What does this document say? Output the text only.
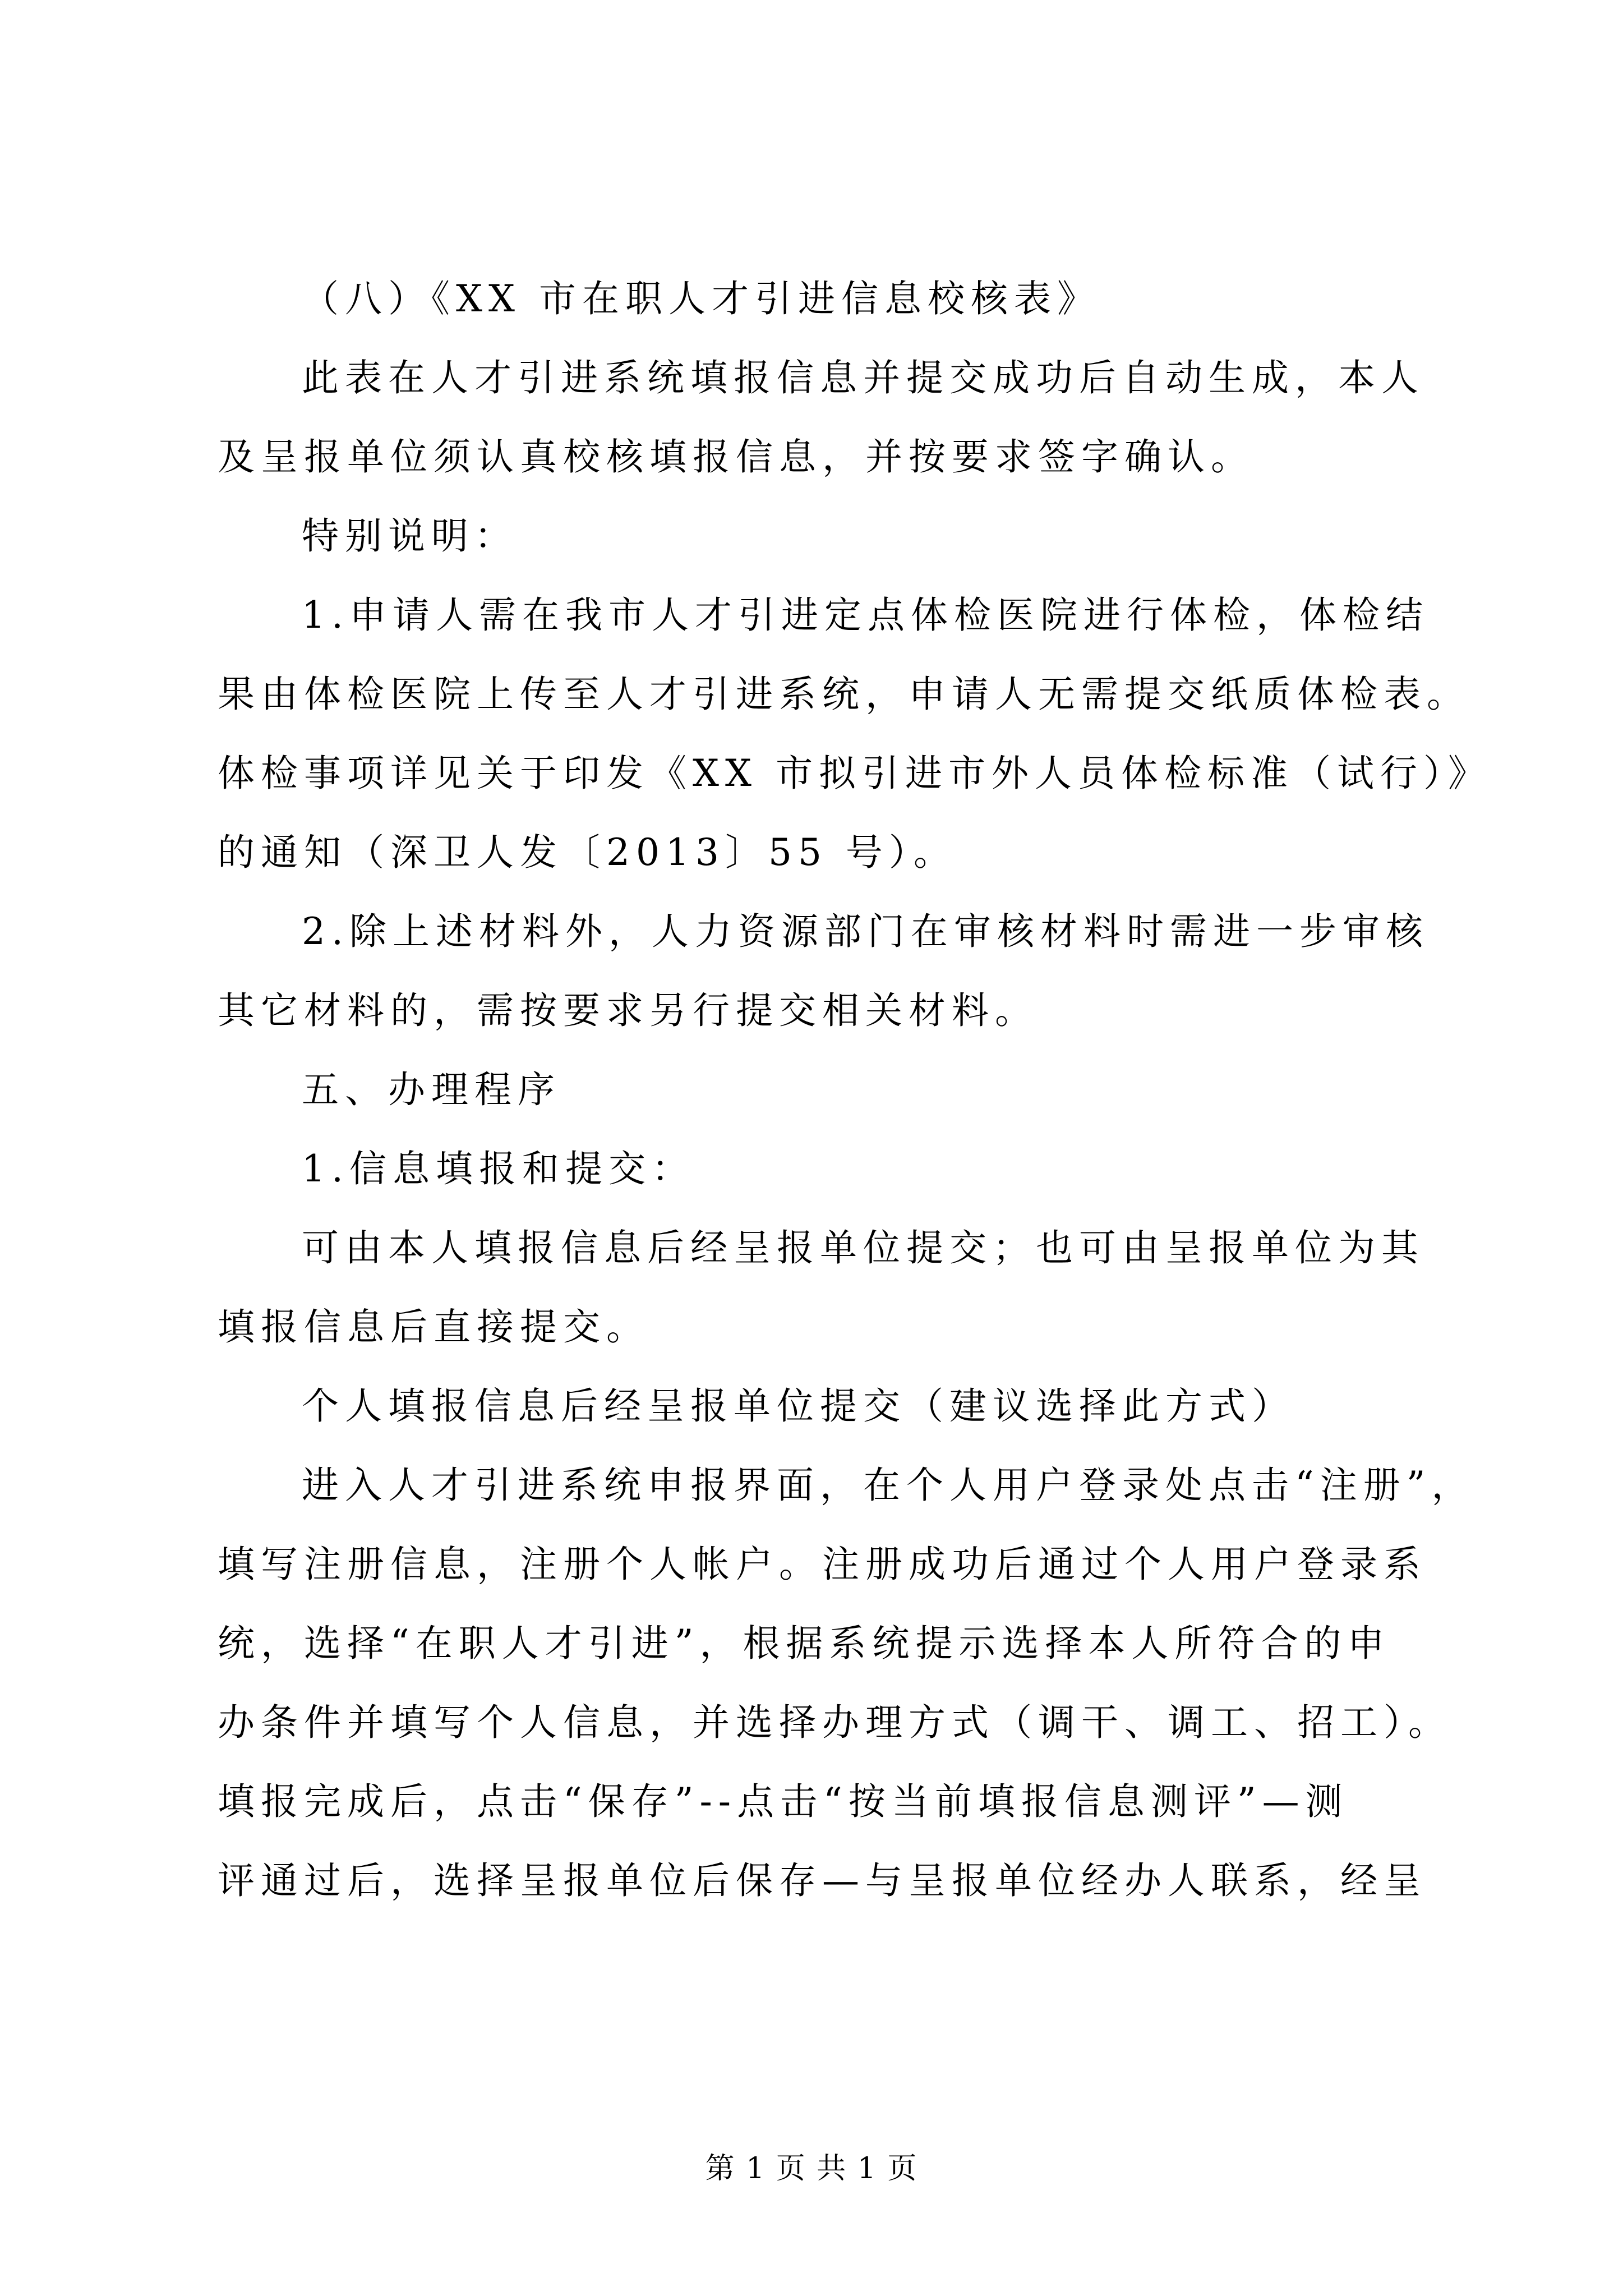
（八）《XX 市在职人才引进信息校核表》
此表在人才引进系统填报信息并提交成功后自动生成，本人
及呈报单位须认真校核填报信息，并按要求签字确认。
特别说明：
1.申请人需在我市人才引进定点体检医院进行体检，体检结
果由体检医院上传至人才引进系统，申请人无需提交纸质体检表。
体检事项详见关于印发《XX 市拟引进市外人员体检标准（试行）》
的通知（深卫人发〔2013〕55 号）。
2.除上述材料外，人力资源部门在审核材料时需进一步审核
其它材料的，需按要求另行提交相关材料。
五、办理程序
1.信息填报和提交：
可由本人填报信息后经呈报单位提交；也可由呈报单位为其
填报信息后直接提交。
个人填报信息后经呈报单位提交（建议选择此方式）
进入人才引进系统申报界面，在个人用户登录处点击“注册”，
填写注册信息，注册个人帐户。注册成功后通过个人用户登录系
统，选择“在职人才引进”，根据系统提示选择本人所符合的申
办条件并填写个人信息，并选择办理方式（调干、调工、招工）。
填报完成后，点击“保存”--点击“按当前填报信息测评”—测
评通过后，选择呈报单位后保存—与呈报单位经办人联系，经呈
第 1 页 共 1 页
